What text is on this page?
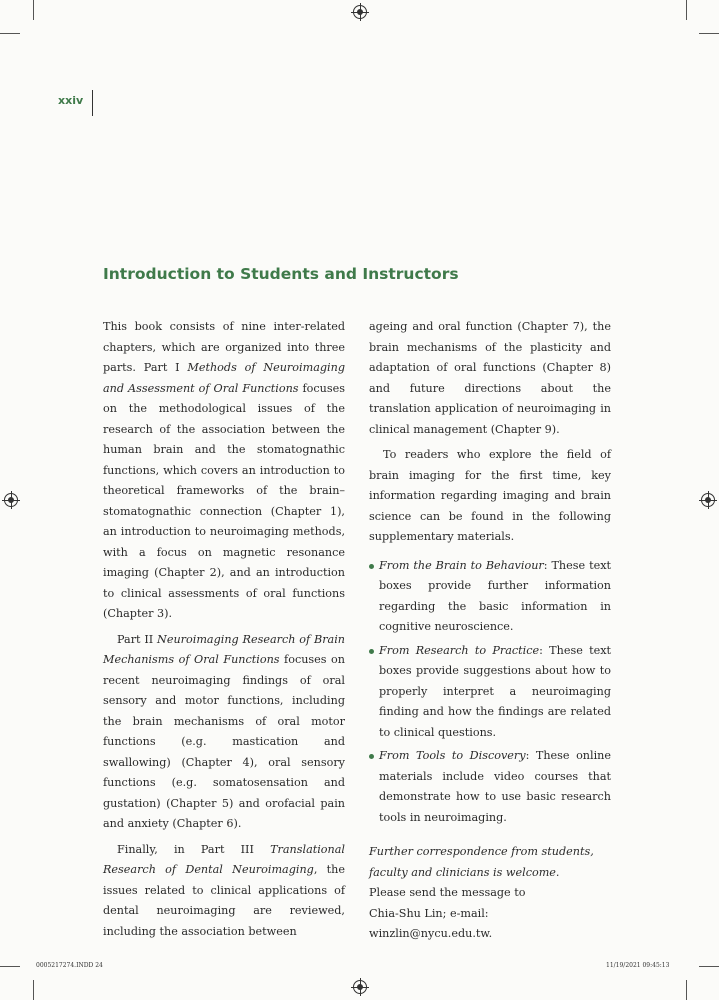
xxiv
Introduction to Students and Instructors

This book consists of nine inter-related chapters, which are organized into three parts. Part I Methods of Neuroimaging and Assessment of Oral Functions focuses on the methodological issues of the research of the association between the human brain and the stomatognathic functions, which covers an introduction to theoretical frameworks of the brain–stomatognathic connection (Chapter 1), an introduction to neuroimaging methods, with a focus on magnetic resonance imaging (Chapter 2), and an introduction to clinical assessments of oral functions (Chapter 3).

Part II Neuroimaging Research of Brain Mechanisms of Oral Functions focuses on recent neuroimaging findings of oral sensory and motor functions, including the brain mechanisms of oral motor functions (e.g. mastication and swallowing) (Chapter 4), oral sensory functions (e.g. somatosensation and gustation) (Chapter 5) and orofacial pain and anxiety (Chapter 6).

Finally, in Part III Translational Research of Dental Neuroimaging, the issues related to clinical applications of dental neuroimaging are reviewed, including the association between

ageing and oral function (Chapter 7), the brain mechanisms of the plasticity and adaptation of oral functions (Chapter 8) and future directions about the translation application of neuroimaging in clinical management (Chapter 9).

To readers who explore the field of brain imaging for the first time, key information regarding imaging and brain science can be found in the following supplementary materials.

From the Brain to Behaviour: These text boxes provide further information regarding the basic information in cognitive neuroscience.
From Research to Practice: These text boxes provide suggestions about how to properly interpret a neuroimaging finding and how the findings are related to clinical questions.
From Tools to Discovery: These online materials include video courses that demonstrate how to use basic research tools in neuroimaging.

Further correspondence from students, faculty and clinicians is welcome.

Please send the message to

Chia-Shu Lin; e-mail: winzlin@nycu.edu.tw.

0005217274.INDD 24	11/19/2021 09:45:13
